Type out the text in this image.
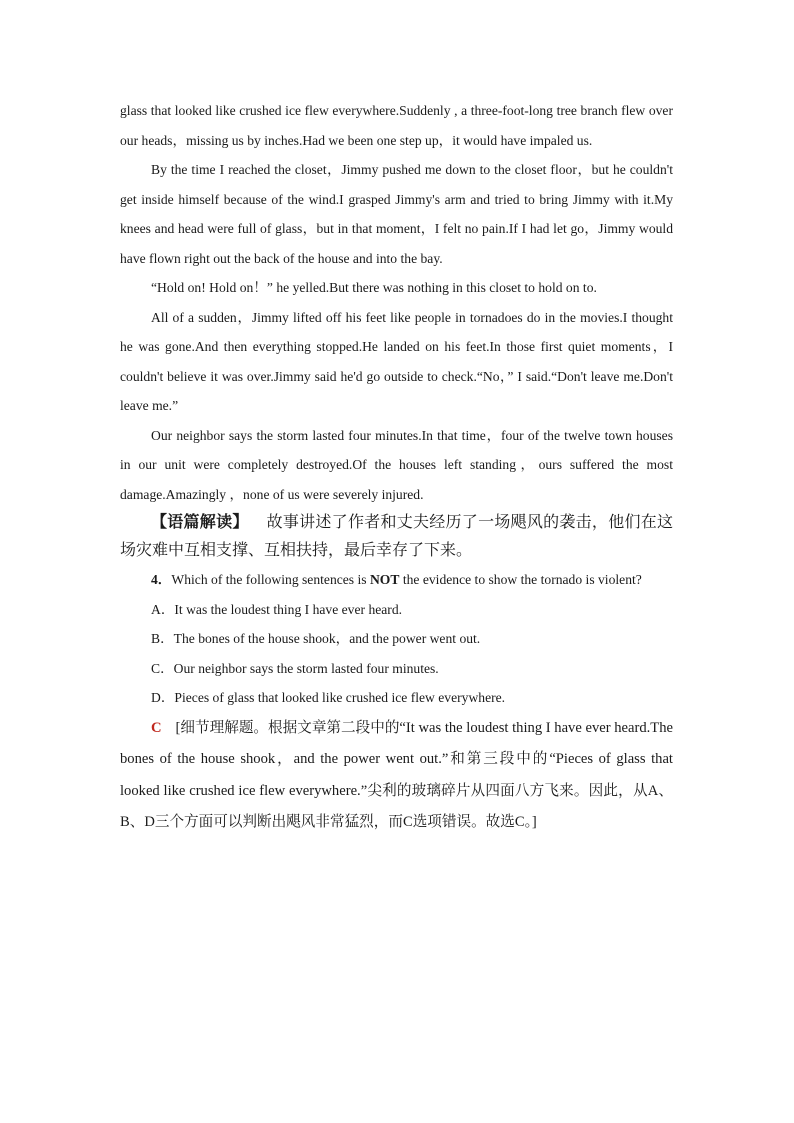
glass that looked like crushed ice flew everywhere.Suddenly , a three-foot-long tree branch flew over our heads，missing us by inches.Had we been one step up，it would have impaled us.

By the time I reached the closet，Jimmy pushed me down to the closet floor，but he couldn't get inside himself because of the wind.I grasped Jimmy's arm and tried to bring Jimmy with it.My knees and head were full of glass，but in that moment，I felt no pain.If I had let go，Jimmy would have flown right out the back of the house and into the bay.

“Hold on! Hold on！” he yelled.But there was nothing in this closet to hold on to.

All of a sudden，Jimmy lifted off his feet like people in tornadoes do in the movies.I thought he was gone.And then everything stopped.He landed on his feet.In those first quiet moments，I couldn't believe it was over.Jimmy said he'd go outside to check.“No，” I said.“Don't leave me.Don't leave me.”

Our neighbor says the storm lasted four minutes.In that time，four of the twelve town houses in our unit were completely destroyed.Of the houses left standing，ours suffered the most damage.Amazingly ，none of us were severely injured.

【语篇解读】 故事讲述了作者和丈夫经历了一场飓风的袭击，他们在这场灾难中互相支撑、互相扶持，最后幸存了下来。

4．Which of the following sentences is NOT the evidence to show the tornado is violent?

A．It was the loudest thing I have ever heard.

B．The bones of the house shook，and the power went out.

C．Our neighbor says the storm lasted four minutes.

D．Pieces of glass that looked like crushed ice flew everywhere.

C [细节理解题。根据文章第二段中的“It was the loudest thing I have ever heard.The bones of the house shook，and the power went out.”和第三段中的“Pieces of glass that looked like crushed ice flew everywhere.”尖利的玻璃碎片从四面八方飞来。因此，从A、B、D三个方面可以判断出飓风非常猛烈，而C选项错误。故选C。]
